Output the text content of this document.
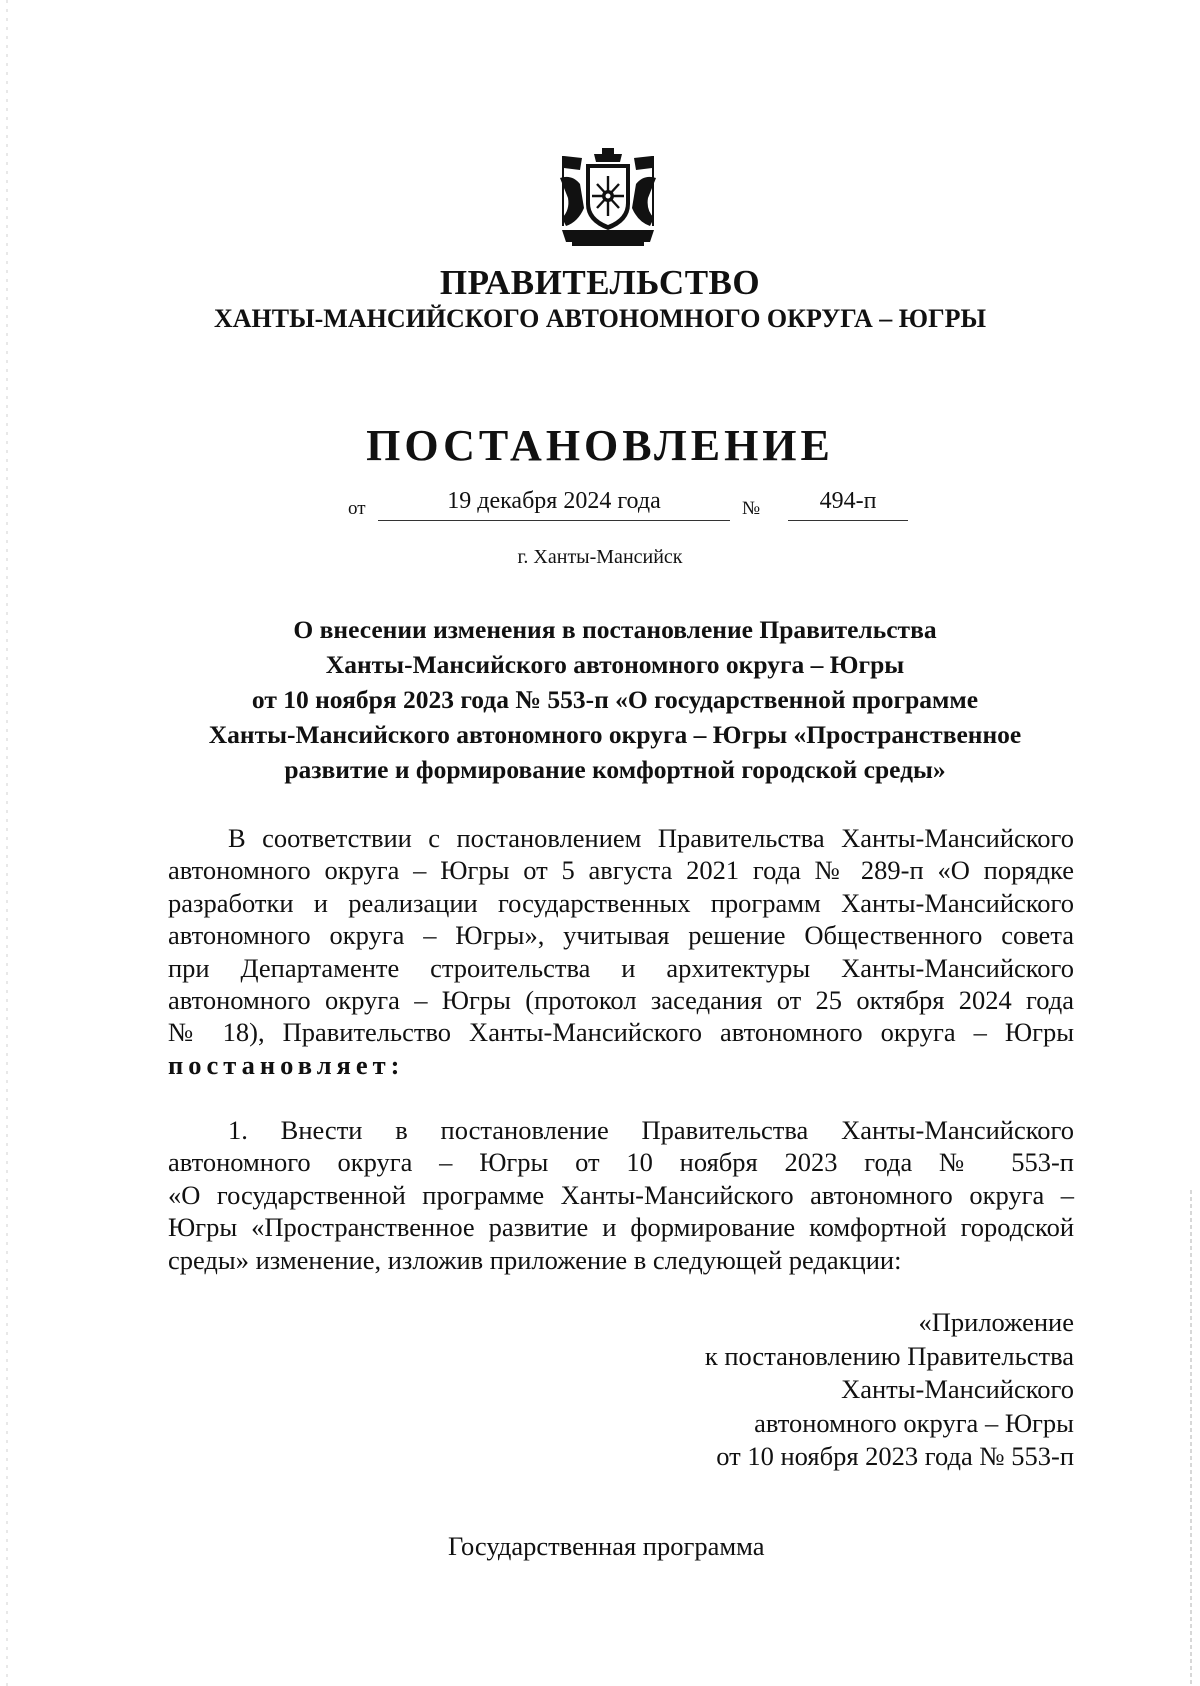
ПРАВИТЕЛЬСТВО
ХАНТЫ-МАНСИЙСКОГО АВТОНОМНОГО ОКРУГА – ЮГРЫ
ПОСТАНОВЛЕНИЕ
от	19 декабря 2024 года	№	494-п
г. Ханты-Мансийск
О внесении изменения в постановление Правительства
Ханты-Мансийского автономного округа – Югры
от 10 ноября 2023 года № 553-п «О государственной программе
Ханты-Мансийского автономного округа – Югры «Пространственное
развитие и формирование комфортной городской среды»
В соответствии с постановлением Правительства Ханты-Мансийского
автономного округа – Югры от 5 августа 2021 года № 289-п «О порядке
разработки и реализации государственных программ Ханты-Мансийского
автономного округа – Югры», учитывая решение Общественного совета
при Департаменте строительства и архитектуры Ханты-Мансийского
автономного округа – Югры (протокол заседания от 25 октября 2024 года
№ 18), Правительство Ханты-Мансийского автономного округа – Югры
постановляет:
1. Внести в постановление Правительства Ханты-Мансийского
автономного округа – Югры от 10 ноября 2023 года № 553-п
«О государственной программе Ханты-Мансийского автономного округа –
Югры «Пространственное развитие и формирование комфортной городской
среды» изменение, изложив приложение в следующей редакции:
«Приложение
к постановлению Правительства
Ханты-Мансийского
автономного округа – Югры
от 10 ноября 2023 года № 553-п
Государственная программа
